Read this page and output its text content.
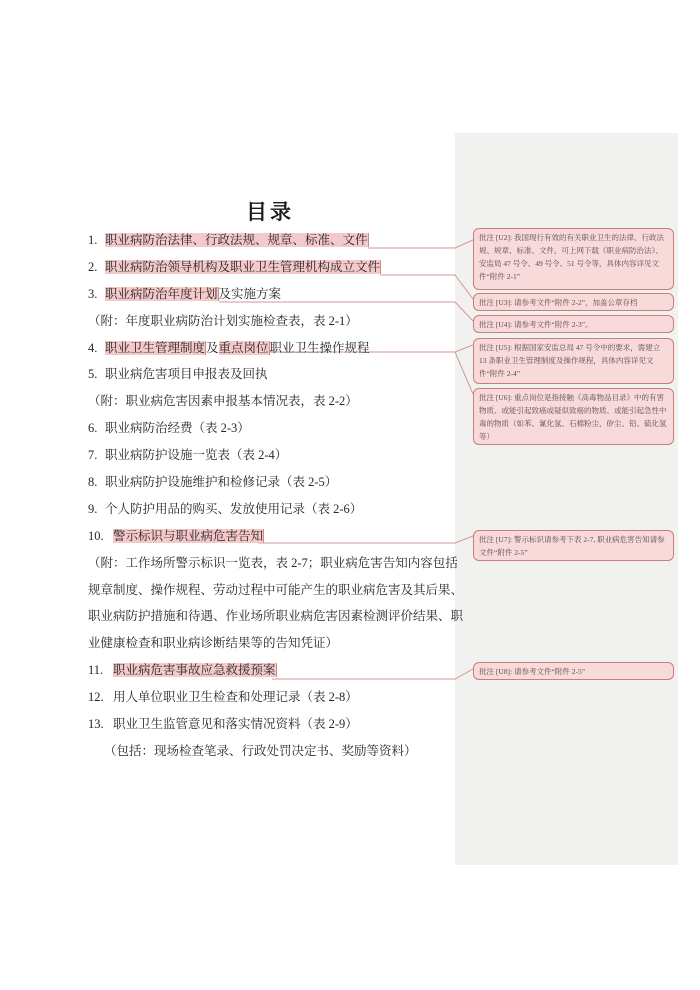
目录
1. 职业病防治法律、行政法规、规章、标准、文件
2. 职业病防治领导机构及职业卫生管理机构成立文件
3. 职业病防治年度计划及实施方案
（附：年度职业病防治计划实施检查表，表 2-1）
4. 职业卫生管理制度及重点岗位职业卫生操作规程
5. 职业病危害项目申报表及回执
（附：职业病危害因素申报基本情况表，表 2-2）
6. 职业病防治经费（表 2-3）
7. 职业病防护设施一览表（表 2-4）
8. 职业病防护设施维护和检修记录（表 2-5）
9. 个人防护用品的购买、发放使用记录（表 2-6）
10. 警示标识与职业病危害告知
（附：工作场所警示标识一览表，表 2-7；职业病危害告知内容包括
规章制度、操作规程、劳动过程中可能产生的职业病危害及其后果、
职业病防护措施和待遇、作业场所职业病危害因素检测评价结果、职
业健康检查和职业病诊断结果等的告知凭证）
11. 职业病危害事故应急救援预案
12. 用人单位职业卫生检查和处理记录（表 2-8）
13. 职业卫生监管意见和落实情况资料（表 2-9）
（包括：现场检查笔录、行政处罚决定书、奖励等资料）
批注 [U2]: 我国现行有效的有关职业卫生的法律、行政法规、规章、标准、文件，可上网下载《职业病防治法》、安监局 47 号令、49 号令、51 号令等，具体内容详见文件“附件 2-1”
批注 [U3]: 请参考文件“附件 2-2”，加盖公章存档
批注 [U4]: 请参考文件“附件 2-3”。
批注 [U5]: 根据国家安监总局 47 号令中的要求，需建立 13 条职业卫生管理制度及操作规程，具体内容详见文件“附件 2-4”
批注 [U6]: 重点岗位是指接触《高毒物品目录》中的有害物质、或能引起致癌或疑似致癌的物质、或能引起急性中毒的物质（如苯、氰化氢、石棉粉尘、矽尘、铅、硫化氢等）
批注 [U7]: 警示标识请参考下表 2-7, 职业病危害告知请参文件“附件 2-5”
批注 [U8]: 请参考文件“附件 2-5”
